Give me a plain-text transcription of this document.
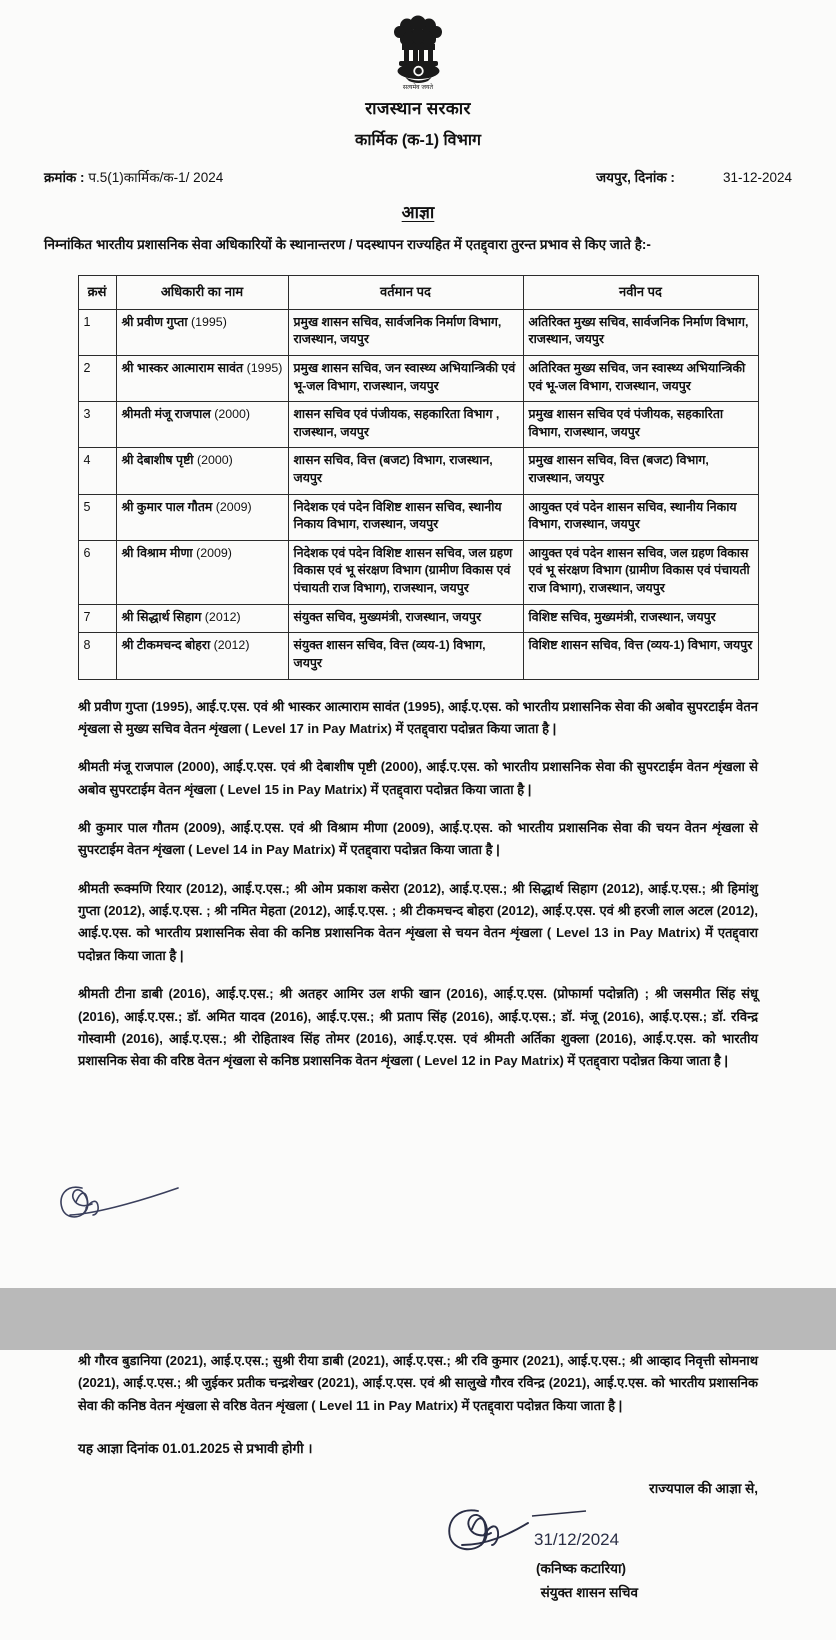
सत्यमेव जयते
राजस्थान सरकार
कार्मिक (क-1) विभाग
क्रमांक : प.5(1)कार्मिक/क-1/ 2024	जयपुर, दिनांक :	31-12-2024
आज्ञा
निम्नांकित भारतीय प्रशासनिक सेवा अधिकारियों के स्थानान्तरण / पदस्थापन राज्यहित में एतद्द्वारा तुरन्त प्रभाव से किए जाते है:-
क्रसं	अधिकारी का नाम	वर्तमान पद	नवीन पद
1	श्री प्रवीण गुप्ता (1995)	प्रमुख शासन सचिव, सार्वजनिक निर्माण विभाग, राजस्थान, जयपुर	अतिरिक्त मुख्य सचिव, सार्वजनिक निर्माण विभाग, राजस्थान, जयपुर
2	श्री भास्कर आत्माराम सावंत (1995)	प्रमुख शासन सचिव, जन स्वास्थ्य अभियान्त्रिकी एवं भू-जल विभाग, राजस्थान, जयपुर	अतिरिक्त मुख्य सचिव, जन स्वास्थ्य अभियान्त्रिकी एवं भू-जल विभाग, राजस्थान, जयपुर
3	श्रीमती मंजू राजपाल (2000)	शासन सचिव एवं पंजीयक, सहकारिता विभाग , राजस्थान, जयपुर	प्रमुख शासन सचिव एवं पंजीयक, सहकारिता विभाग, राजस्थान, जयपुर
4	श्री देबाशीष पृष्टी (2000)	शासन सचिव, वित्त (बजट) विभाग, राजस्थान, जयपुर	प्रमुख शासन सचिव, वित्त (बजट) विभाग, राजस्थान, जयपुर
5	श्री कुमार पाल गौतम (2009)	निदेशक एवं पदेन विशिष्ट शासन सचिव, स्थानीय निकाय विभाग, राजस्थान, जयपुर	आयुक्त एवं पदेन शासन सचिव, स्थानीय निकाय विभाग, राजस्थान, जयपुर
6	श्री विश्राम मीणा (2009)	निदेशक एवं पदेन विशिष्ट शासन सचिव, जल ग्रहण विकास एवं भू संरक्षण विभाग (ग्रामीण विकास एवं पंचायती राज विभाग), राजस्थान, जयपुर	आयुक्त एवं पदेन शासन सचिव, जल ग्रहण विकास एवं भू संरक्षण विभाग (ग्रामीण विकास एवं पंचायती राज विभाग), राजस्थान, जयपुर
7	श्री सिद्धार्थ सिहाग (2012)	संयुक्त सचिव, मुख्यमंत्री, राजस्थान, जयपुर	विशिष्ट सचिव, मुख्यमंत्री, राजस्थान, जयपुर
8	श्री टीकमचन्द बोहरा (2012)	संयुक्त शासन सचिव, वित्त (व्यय-1) विभाग, जयपुर	विशिष्ट शासन सचिव, वित्त (व्यय-1) विभाग, जयपुर
श्री प्रवीण गुप्ता (1995), आई.ए.एस. एवं श्री भास्कर आत्माराम सावंत (1995), आई.ए.एस. को भारतीय प्रशासनिक सेवा की अबोव सुपरटाईम वेतन शृंखला से मुख्य सचिव वेतन शृंखला ( Level 17 in Pay Matrix) में एतद्द्वारा पदोन्नत किया जाता है |
श्रीमती मंजू राजपाल (2000), आई.ए.एस. एवं श्री देबाशीष पृष्टी (2000), आई.ए.एस. को भारतीय प्रशासनिक सेवा की सुपरटाईम वेतन शृंखला से अबोव सुपरटाईम वेतन शृंखला ( Level 15 in Pay Matrix) में एतद्द्वारा पदोन्नत किया जाता है |
श्री कुमार पाल गौतम (2009), आई.ए.एस. एवं श्री विश्राम मीणा (2009), आई.ए.एस. को भारतीय प्रशासनिक सेवा की चयन वेतन शृंखला से सुपरटाईम वेतन शृंखला ( Level 14 in Pay Matrix) में एतद्द्वारा पदोन्नत किया जाता है |
श्रीमती रूक्मणि रियार (2012), आई.ए.एस.; श्री ओम प्रकाश कसेरा (2012), आई.ए.एस.; श्री सिद्धार्थ सिहाग (2012), आई.ए.एस.; श्री हिमांशु गुप्ता (2012), आई.ए.एस. ; श्री नमित मेहता (2012), आई.ए.एस. ; श्री टीकमचन्द बोहरा (2012), आई.ए.एस. एवं श्री हरजी लाल अटल (2012), आई.ए.एस. को भारतीय प्रशासनिक सेवा की कनिष्ठ प्रशासनिक वेतन शृंखला से चयन वेतन शृंखला ( Level 13 in Pay Matrix) में एतद्द्वारा पदोन्नत किया जाता है |
श्रीमती टीना डाबी (2016), आई.ए.एस.; श्री अतहर आमिर उल शफी खान (2016), आई.ए.एस. (प्रोफार्मा पदोन्नति) ; श्री जसमीत सिंह संधू (2016), आई.ए.एस.; डॉ. अमित यादव (2016), आई.ए.एस.; श्री प्रताप सिंह (2016), आई.ए.एस.; डॉ. मंजू (2016), आई.ए.एस.; डॉ. रविन्द्र गोस्वामी (2016), आई.ए.एस.; श्री रोहिताश्व सिंह तोमर (2016), आई.ए.एस. एवं श्रीमती अर्तिका शुक्ला (2016), आई.ए.एस. को भारतीय प्रशासनिक सेवा की वरिष्ठ वेतन शृंखला से कनिष्ठ प्रशासनिक वेतन शृंखला ( Level 12 in Pay Matrix) में एतद्द्वारा पदोन्नत किया जाता है |
श्री गौरव बुडानिया (2021), आई.ए.एस.; सुश्री रीया डाबी (2021), आई.ए.एस.; श्री रवि कुमार (2021), आई.ए.एस.; श्री आव्हाद निवृत्ती सोमनाथ (2021), आई.ए.एस.; श्री जुईकर प्रतीक चन्द्रशेखर (2021), आई.ए.एस. एवं श्री सालुखे गौरव रविन्द्र (2021), आई.ए.एस. को भारतीय प्रशासनिक सेवा की कनिष्ठ वेतन शृंखला से वरिष्ठ वेतन शृंखला ( Level 11 in Pay Matrix) में एतद्द्वारा पदोन्नत किया जाता है |
यह आज्ञा दिनांक 01.01.2025 से प्रभावी होगी ।
राज्यपाल की आज्ञा से,
31/12/2024
(कनिष्क कटारिया)
संयुक्त शासन सचिव
